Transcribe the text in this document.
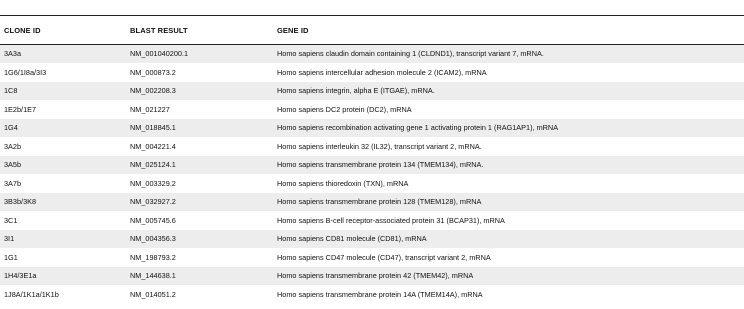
CLONE ID	BLAST RESULT	GENE ID
3A3a	NM_001040200.1	Homo sapiens claudin domain containing 1 (CLDND1), transcript variant 7, mRNA.
1G6/1I8a/3I3	NM_000873.2	Homo sapiens intercellular adhesion molecule 2 (ICAM2), mRNA
1C8	NM_002208.3	Homo sapiens integrin, alpha E (ITGAE), mRNA.
1E2b/1E7	NM_021227	Homo sapiens DC2 protein (DC2), mRNA
1G4	NM_018845.1	Homo sapiens recombination activating gene 1 activating protein 1 (RAG1AP1), mRNA
3A2b	NM_004221.4	Homo sapiens interleukin 32 (IL32), transcript variant 2, mRNA.
3A5b	NM_025124.1	Homo sapiens transmembrane protein 134 (TMEM134), mRNA.
3A7b	NM_003329.2	Homo sapiens thioredoxin (TXN), mRNA
3B3b/3K8	NM_032927.2	Homo sapiens transmembrane protein 128 (TMEM128), mRNA
3C1	NM_005745.6	Homo sapiens B-cell receptor-associated protein 31 (BCAP31), mRNA
3I1	NM_004356.3	Homo sapiens CD81 molecule (CD81), mRNA
1G1	NM_198793.2	Homo sapiens CD47 molecule (CD47), transcript variant 2, mRNA
1H4/3E1a	NM_144638.1	Homo sapiens transmembrane protein 42 (TMEM42), mRNA
1J8A/1K1a/1K1b	NM_014051.2	Homo sapiens transmembrane protein 14A (TMEM14A), mRNA
